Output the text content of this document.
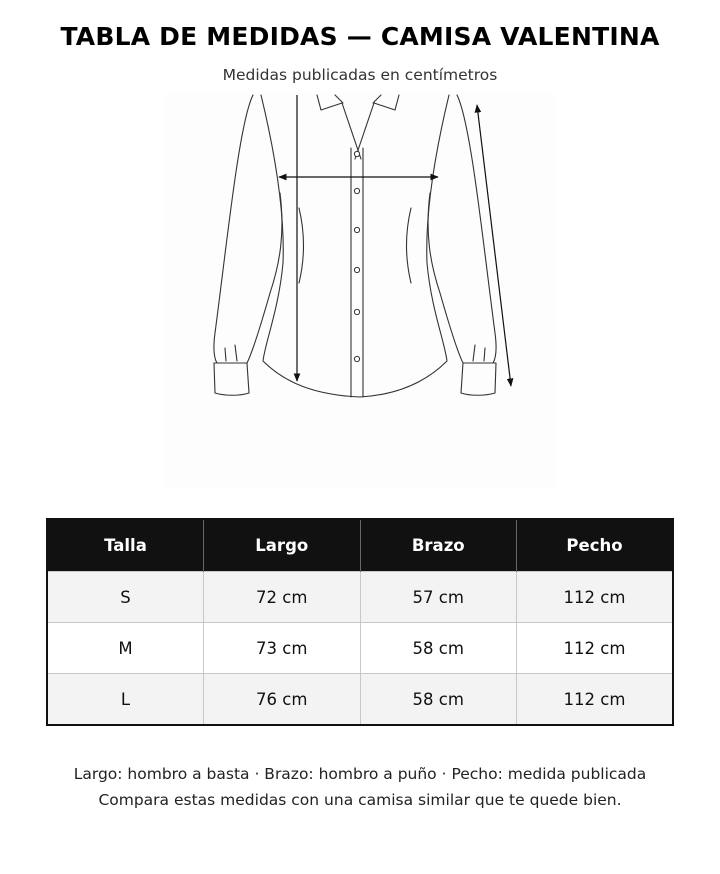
TABLA DE MEDIDAS — CAMISA VALENTINA
Medidas publicadas en centímetros
Talla	Largo	Brazo	Pecho
S	72 cm	57 cm	112 cm
M	73 cm	58 cm	112 cm
L	76 cm	58 cm	112 cm
Largo: hombro a basta · Brazo: hombro a puño · Pecho: medida publicada
Compara estas medidas con una camisa similar que te quede bien.
